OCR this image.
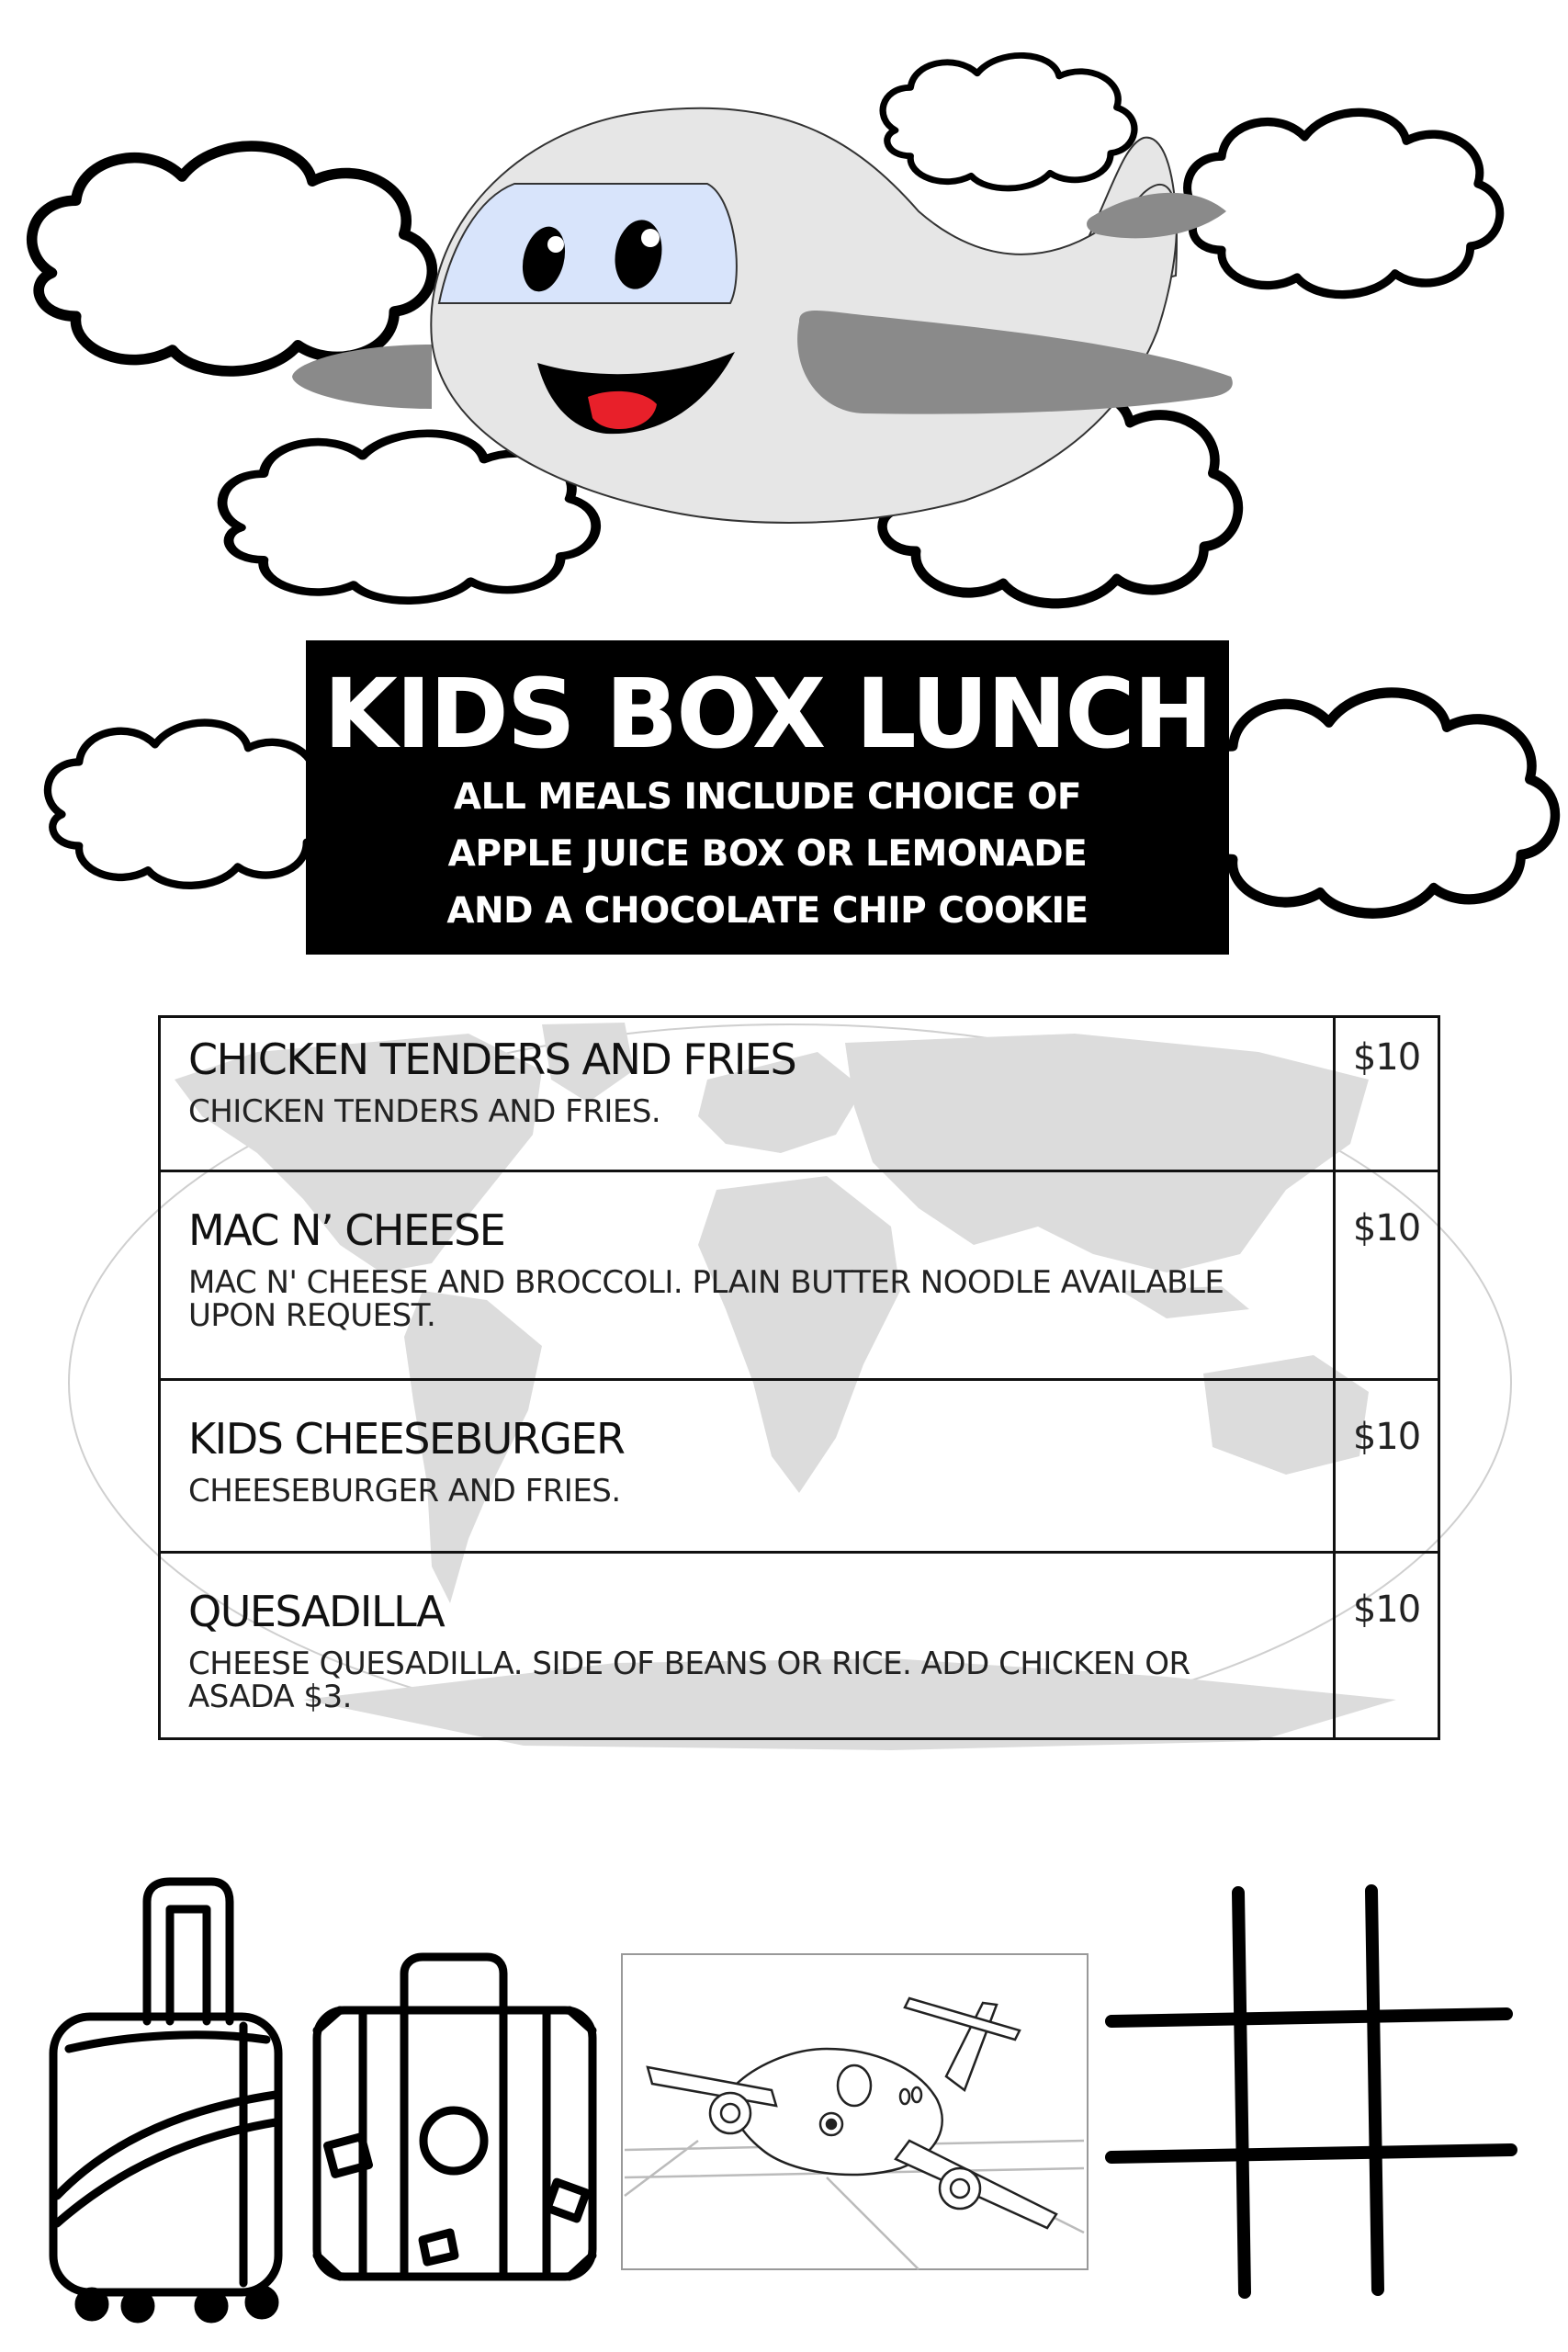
KIDS BOX LUNCH
ALL MEALS INCLUDE CHOICE OF
APPLE JUICE BOX OR LEMONADE
AND A CHOCOLATE CHIP COOKIE
CHICKEN TENDERS AND FRIES
CHICKEN TENDERS AND FRIES.	$10

MAC N’ CHEESE
MAC N' CHEESE AND BROCCOLI. PLAIN BUTTER NOODLE AVAILABLE UPON REQUEST.	$10

KIDS CHEESEBURGER
CHEESEBURGER AND FRIES.	$10

QUESADILLA
CHEESE QUESADILLA. SIDE OF BEANS OR RICE. ADD CHICKEN OR ASADA $3.	$10
